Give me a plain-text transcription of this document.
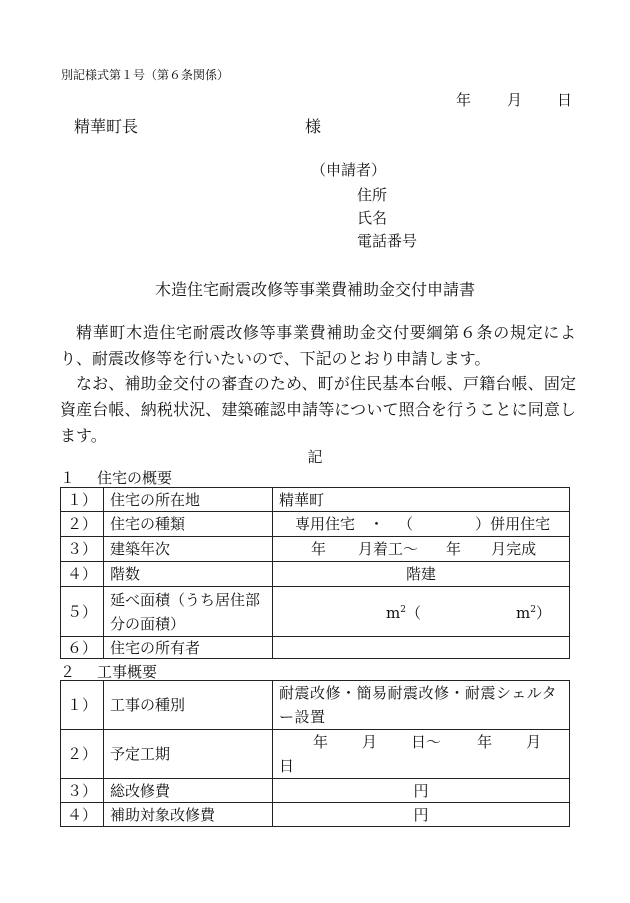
別記様式第１号（第６条関係）
年 月 日
精華町長	様
（申請者）
住所
氏名
電話番号
木造住宅耐震改修等事業費補助金交付申請書
精華町木造住宅耐震改修等事業費補助金交付要綱第６条の規定により、耐震改修等を行いたいので、下記のとおり申請します。
なお、補助金交付の審査のため、町が住民基本台帳、戸籍台帳、固定資産台帳、納税状況、建築確認申請等について照合を行うことに同意します。
記
１ 住宅の概要
１）	住宅の所在地	精華町
２）	住宅の種類	専用住宅 ・ （ ）併用住宅
３）	建築年次	年 月着工〜 年 月完成
４）	階数	階建
５）	延べ面積（うち居住部分の面積）	$m^2$（ $m^2$）
６）	住宅の所有者	
２ 工事概要
１）	工事の種別	耐震改修・簡易耐震改修・耐震シェルター設置
２）	予定工期	年 月 日〜 年 月
日

３）	総改修費	円
４）	補助対象改修費	円
